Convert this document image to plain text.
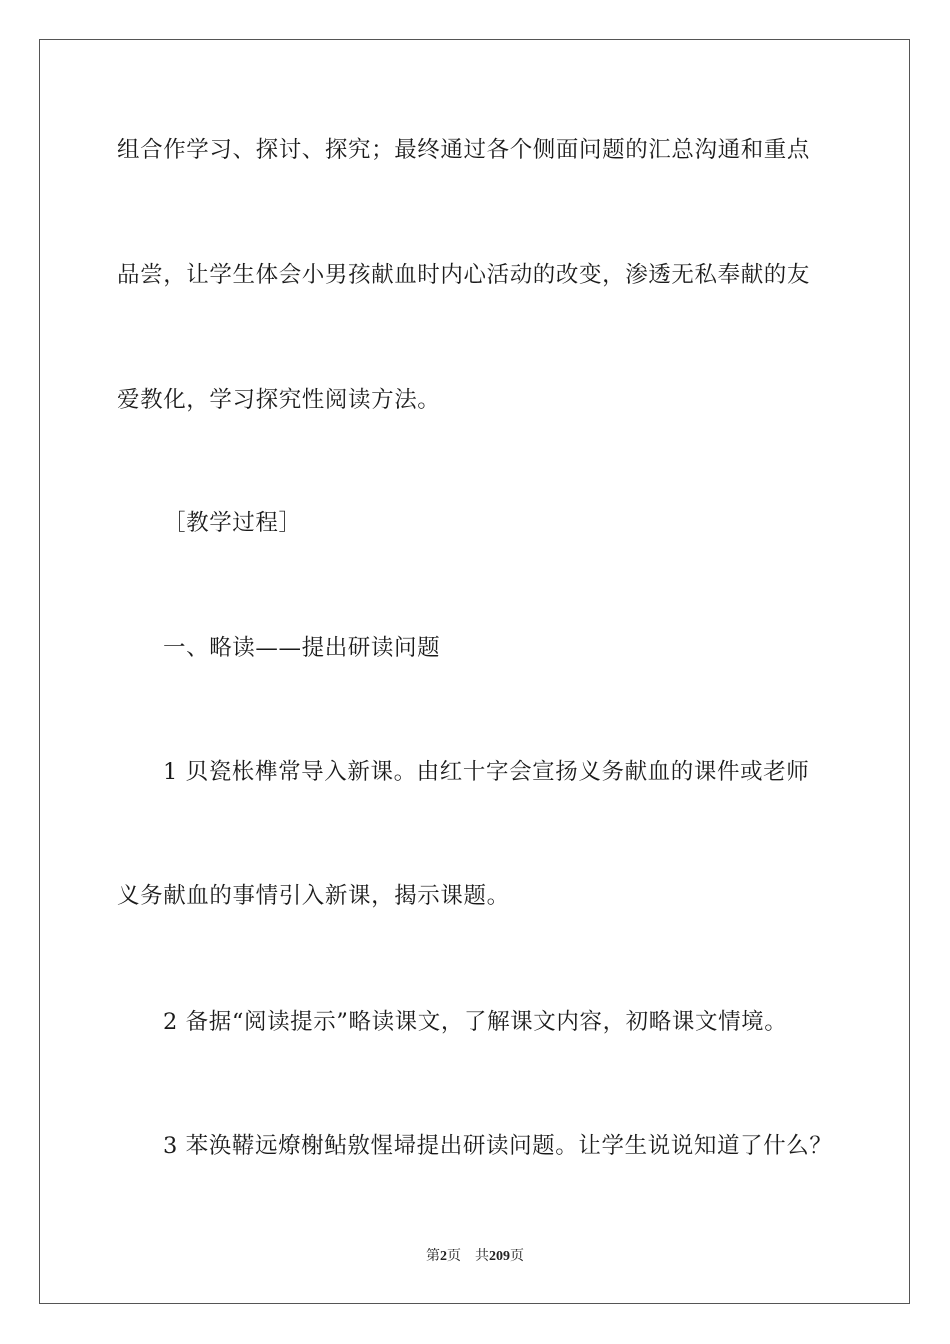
组合作学习、探讨、探究；最终通过各个侧面问题的汇总沟通和重点
品尝，让学生体会小男孩献血时内心活动的改变，渗透无私奉献的友
爱教化，学习探究性阅读方法。
［教学过程］
一、略读——提出研读问题
1 贝瓷枨榫常导入新课。由红十字会宣扬义务献血的课件或老师
义务献血的事情引入新课，揭示课题。
2 备据“阅读提示”略读课文，了解课文内容，初略课文情境。
3 苯涣鞯远燎榭鲇敫惺埽提出研读问题。让学生说说知道了什么？
第2页 共209页
